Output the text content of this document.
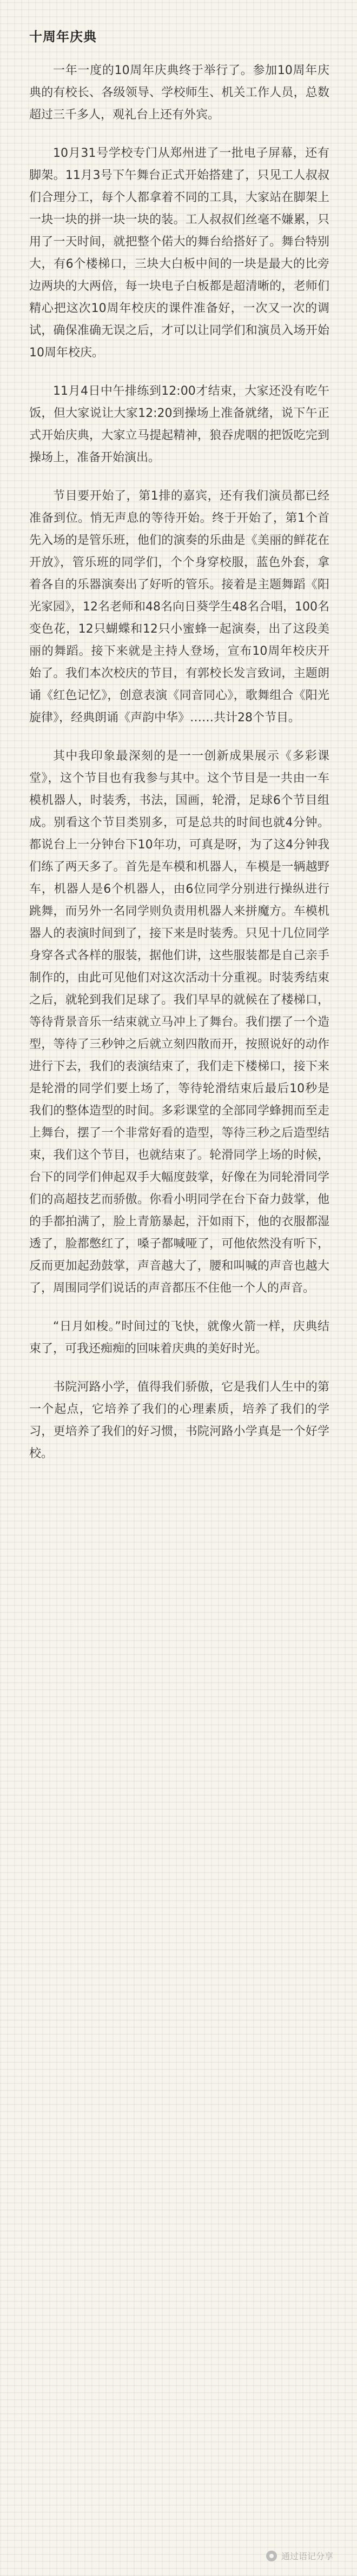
十周年庆典

一年一度的10周年庆典终于举行了。参加10周年庆典的有校长、各级领导、学校师生、机关工作人员，总数超过三千多人，观礼台上还有外宾。

10月31号学校专门从郑州进了一批电子屏幕，还有脚架。11月3号下午舞台正式开始搭建了，只见工人叔叔们合理分工，每个人都拿着不同的工具，大家站在脚架上一块一块的拼一块一块的装。工人叔叔们丝毫不嫌累，只用了一天时间，就把整个偌大的舞台给搭好了。舞台特别大，有6个楼梯口，三块大白板中间的一块是最大的比旁边两块的大两倍，每一块电子白板都是超清晰的，老师们精心把这次10周年校庆的课件准备好，一次又一次的调试，确保准确无误之后，才可以让同学们和演员入场开始10周年校庆。

11月4日中午排练到12:00才结束，大家还没有吃午饭，但大家说让大家12:20到操场上准备就绪，说下午正式开始庆典，大家立马提起精神，狼吞虎咽的把饭吃完到操场上，准备开始演出。

节目要开始了，第1排的嘉宾，还有我们演员都已经准备到位。悄无声息的等待开始。终于开始了，第1个首先入场的是管乐班，他们的演奏的乐曲是《美丽的鲜花在开放》，管乐班的同学们，个个身穿校服，蓝色外套，拿着各自的乐器演奏出了好听的管乐。接着是主题舞蹈《阳光家园》，12名老师和48名向日葵学生48名合唱，100名变色花，12只蝴蝶和12只小蜜蜂一起演奏，出了这段美丽的舞蹈。接下来就是主持人登场，宣布10周年校庆开始了。我们本次校庆的节目，有郭校长发言致词，主题朗诵《红色记忆》，创意表演《同音同心》，歌舞组合《阳光旋律》，经典朗诵《声韵中华》……共计28个节目。

其中我印象最深刻的是一一创新成果展示《多彩课堂》，这个节目也有我参与其中。这个节目是一共由一车模机器人，时装秀，书法，国画，轮滑，足球6个节目组成。别看这个节目类别多，可是总共的时间也就4分钟。都说台上一分钟台下10年功，可真是呀，为了这4分钟我们练了两天多了。首先是车模和机器人，车模是一辆越野车，机器人是6个机器人，由6位同学分别进行操纵进行跳舞，而另外一名同学则负责用机器人来拼魔方。车模机器人的表演时间到了，接下来是时装秀。只见十几位同学身穿各式各样的服装，据他们讲，这些服装都是自己亲手制作的，由此可见他们对这次活动十分重视。时装秀结束之后，就轮到我们足球了。我们早早的就候在了楼梯口，等待背景音乐一结束就立马冲上了舞台。我们摆了一个造型，等待了三秒钟之后就立刻四散而开，按照说好的动作进行下去，我们的表演结束了，我们走下楼梯口，接下来是轮滑的同学们要上场了，等待轮滑结束后最后10秒是我们的整体造型的时间。多彩课堂的全部同学蜂拥而至走上舞台，摆了一个非常好看的造型，等待三秒之后造型结束，我们这个节目，也就结束了。轮滑同学上场的时候，台下的同学们伸起双手大幅度鼓掌，好像在为同轮滑同学们的高超技艺而骄傲。你看小明同学在台下奋力鼓掌，他的手都拍满了，脸上青筋暴起，汗如雨下，他的衣服都湿透了，脸都憋红了，嗓子都喊哑了，可他依然没有听下，反而更加起劲鼓掌，声音越大了，腰和叫喊的声音也越大了，周围同学们说话的声音都压不住他一个人的声音。

“日月如梭。”时间过的飞快，就像火箭一样，庆典结束了，可我还痴痴的回味着庆典的美好时光。

书院河路小学，值得我们骄傲，它是我们人生中的第一个起点，它培养了我们的心理素质，培养了我们的学习，更培养了我们的好习惯，书院河路小学真是一个好学校。

通过语记分享
